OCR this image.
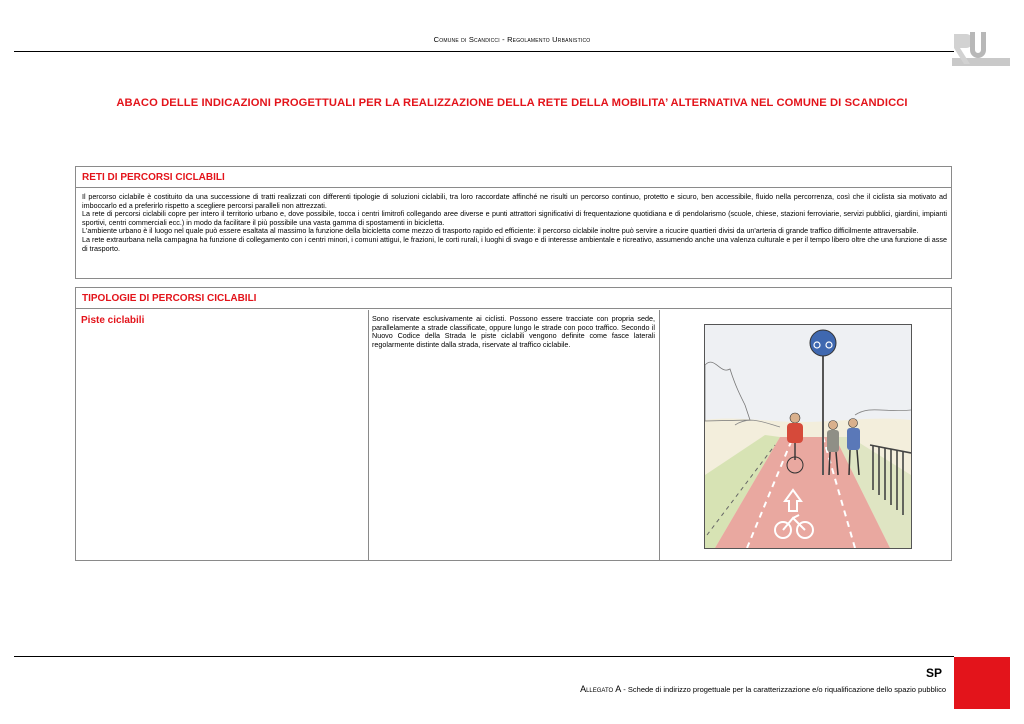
Comune di Scandicci - Regolamento Urbanistico
ABACO DELLE INDICAZIONI PROGETTUALI PER LA REALIZZAZIONE DELLA RETE DELLA MOBILITA’ ALTERNATIVA NEL COMUNE DI SCANDICCI
RETI DI PERCORSI CICLABILI

Il percorso ciclabile è costituito da una successione di tratti realizzati con differenti tipologie di soluzioni ciclabili, tra loro raccordate affinché ne risulti un percorso continuo, protetto e sicuro, ben accessibile, fluido nella percorrenza, così che il ciclista sia motivato ad imboccarlo ed a preferirlo rispetto a scegliere percorsi paralleli non attrezzati.

La rete di percorsi ciclabili copre per intero il territorio urbano e, dove possibile, tocca i centri limitrofi collegando aree diverse e punti attrattori significativi di frequentazione quotidiana e di pendolarismo (scuole, chiese, stazioni ferroviarie, servizi pubblici, giardini, impianti sportivi, centri commerciali ecc.) in modo da facilitare il più possibile una vasta gamma di spostamenti in bicicletta.

L'ambiente urbano è il luogo nel quale può essere esaltata al massimo la funzione della bicicletta come mezzo di trasporto rapido ed efficiente: il percorso ciclabile inoltre può servire a ricucire quartieri divisi da un'arteria di grande traffico difficilmente attraversabile.

La rete extraurbana nella campagna ha funzione di collegamento con i centri minori, i comuni attigui, le frazioni, le corti rurali, i luoghi di svago e di interesse ambientale e ricreativo, assumendo anche una valenza culturale e per il tempo libero oltre che una funzione di asse di trasporto.

TIPOLOGIE DI PERCORSI CICLABILI
Piste ciclabili	Sono riservate esclusivamente ai ciclisti. Possono essere tracciate con propria sede, parallelamente a strade classificate, oppure lungo le strade con poco traffico. Secondo il Nuovo Codice della Strada le piste ciclabili vengono definite come fasce laterali regolarmente distinte dalla strada, riservate al traffico ciclabile.
SP
Allegato A - Schede di indirizzo progettuale per la caratterizzazione e/o riqualificazione dello spazio pubblico
